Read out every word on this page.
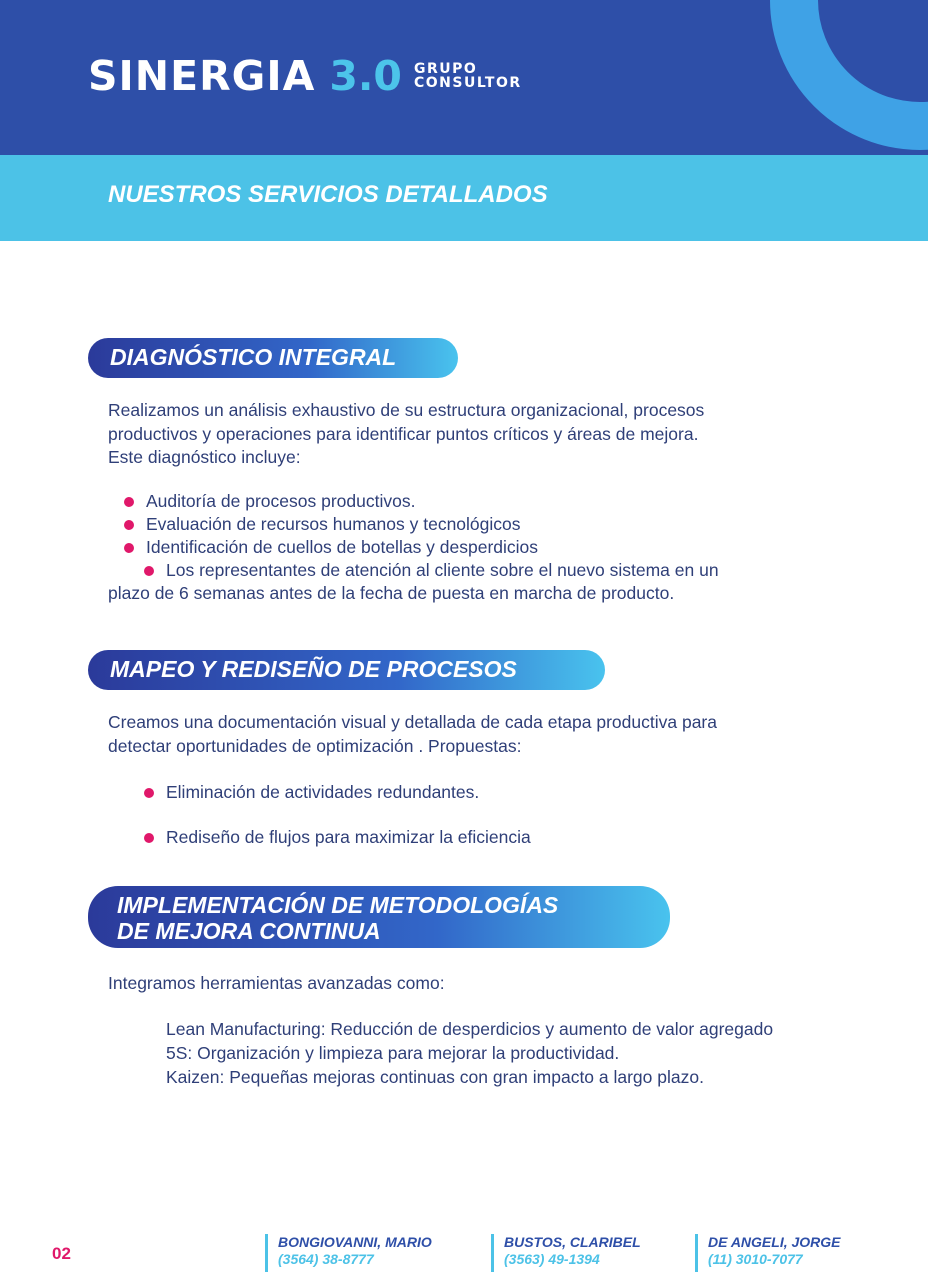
SINERGIA 3.0 GRUPO
CONSULTOR
NUESTROS SERVICIOS DETALLADOS
DIAGNÓSTICO INTEGRAL
Realizamos un análisis exhaustivo de su estructura organizacional, procesos
productivos y operaciones para identificar puntos críticos y áreas de mejora.
Este diagnóstico incluye:
Auditoría de procesos productivos.
Evaluación de recursos humanos y tecnológicos
Identificación de cuellos de botellas y desperdicios
Los representantes de atención al cliente sobre el nuevo sistema en un
plazo de 6 semanas antes de la fecha de puesta en marcha de producto.
MAPEO Y REDISEÑO DE PROCESOS
Creamos una documentación visual y detallada de cada etapa productiva para
detectar oportunidades de optimización . Propuestas:
Eliminación de actividades redundantes.
Rediseño de flujos para maximizar la eficiencia
IMPLEMENTACIÓN DE METODOLOGÍAS
DE MEJORA CONTINUA
Integramos herramientas avanzadas como:
Lean Manufacturing: Reducción de desperdicios y aumento de valor agregado
5S: Organización y limpieza para mejorar la productividad.
Kaizen: Pequeñas mejoras continuas con gran impacto a largo plazo.
02
BONGIOVANNI, MARIO
(3564) 38-8777
BUSTOS, CLARIBEL
(3563) 49-1394
DE ANGELI, JORGE
(11) 3010-7077
